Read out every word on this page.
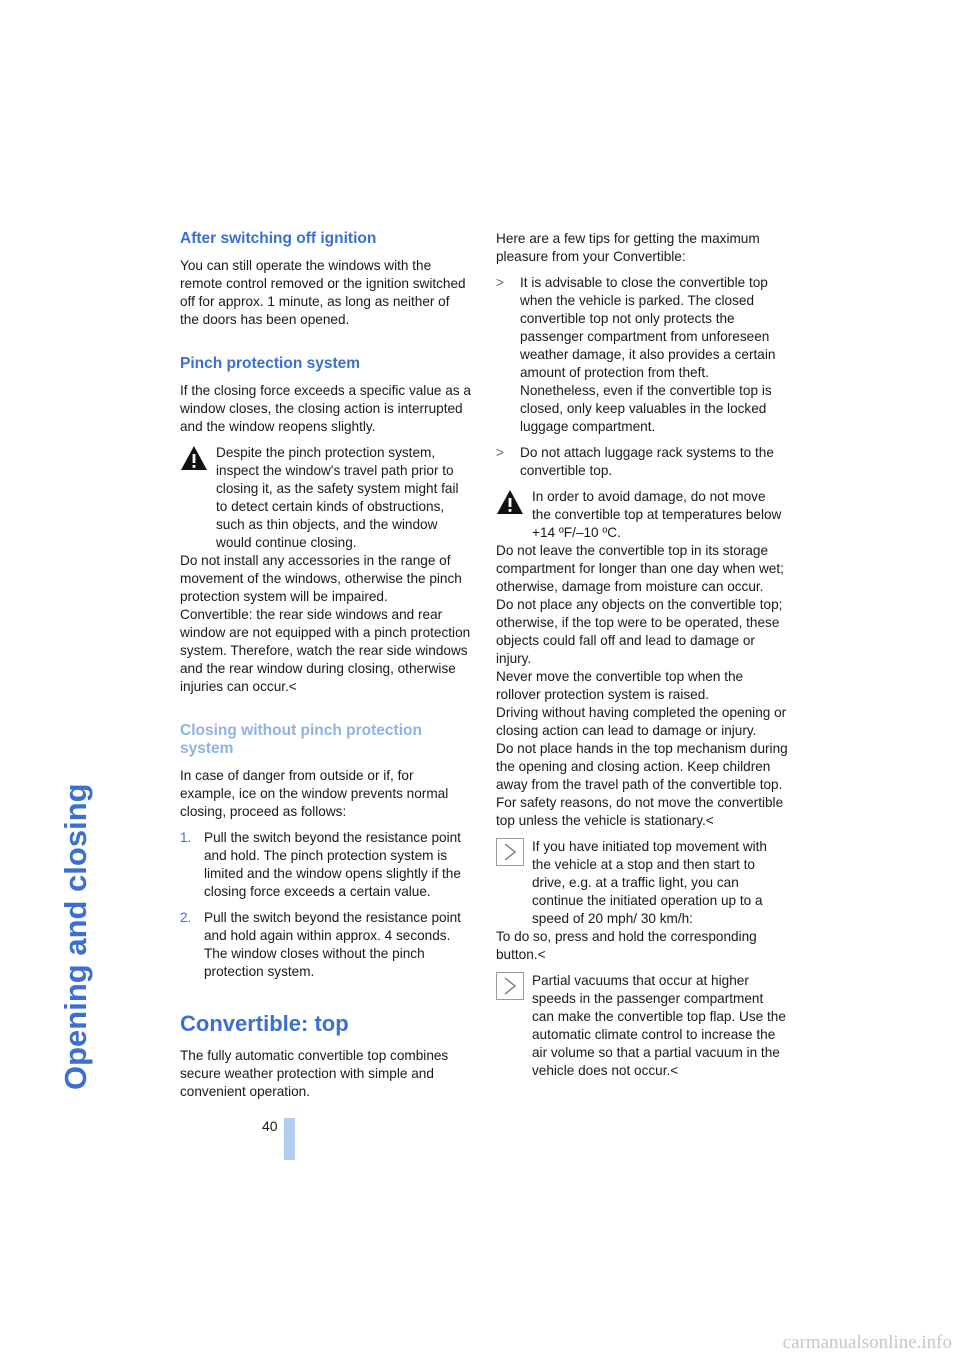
Opening and closing
40
After switching off ignition

You can still operate the windows with the remote control removed or the ignition switched off for approx. 1 minute, as long as neither of the doors has been opened.

Pinch protection system

If the closing force exceeds a specific value as a window closes, the closing action is interrupted and the window reopens slightly.

Despite the pinch protection system, inspect the window's travel path prior to closing it, as the safety system might fail to detect certain kinds of obstructions, such as thin objects, and the window would continue closing.

Do not install any accessories in the range of movement of the windows, otherwise the pinch protection system will be impaired.

Convertible: the rear side windows and rear window are not equipped with a pinch protection system. Therefore, watch the rear side windows and the rear window during closing, otherwise injuries can occur.<

Closing without pinch protection system

In case of danger from outside or if, for example, ice on the window prevents normal closing, proceed as follows:

1. Pull the switch beyond the resistance point and hold. The pinch protection system is limited and the window opens slightly if the closing force exceeds a certain value.
2. Pull the switch beyond the resistance point and hold again within approx. 4 seconds. The window closes without the pinch protection system.
Convertible: top

The fully automatic convertible top combines secure weather protection with simple and convenient operation.

Here are a few tips for getting the maximum pleasure from your Convertible:

> It is advisable to close the convertible top when the vehicle is parked. The closed convertible top not only protects the passenger compartment from unforeseen weather damage, it also provides a certain amount of protection from theft. Nonetheless, even if the convertible top is closed, only keep valuables in the locked luggage compartment.
> Do not attach luggage rack systems to the convertible top.

In order to avoid damage, do not move the convertible top at temperatures below +14 ºF/–10 ºC.

Do not leave the convertible top in its storage compartment for longer than one day when wet; otherwise, damage from moisture can occur.

Do not place any objects on the convertible top; otherwise, if the top were to be operated, these objects could fall off and lead to damage or injury.

Never move the convertible top when the rollover protection system is raised.

Driving without having completed the opening or closing action can lead to damage or injury.

Do not place hands in the top mechanism during the opening and closing action. Keep children away from the travel path of the convertible top.

For safety reasons, do not move the convertible top unless the vehicle is stationary.<

If you have initiated top movement with the vehicle at a stop and then start to drive, e.g. at a traffic light, you can continue the initiated operation up to a speed of 20 mph/ 30 km/h:

To do so, press and hold the corresponding button.<

Partial vacuums that occur at higher speeds in the passenger compartment can make the convertible top flap. Use the automatic climate control to increase the air volume so that a partial vacuum in the vehicle does not occur.<

carmanualsonline.info
